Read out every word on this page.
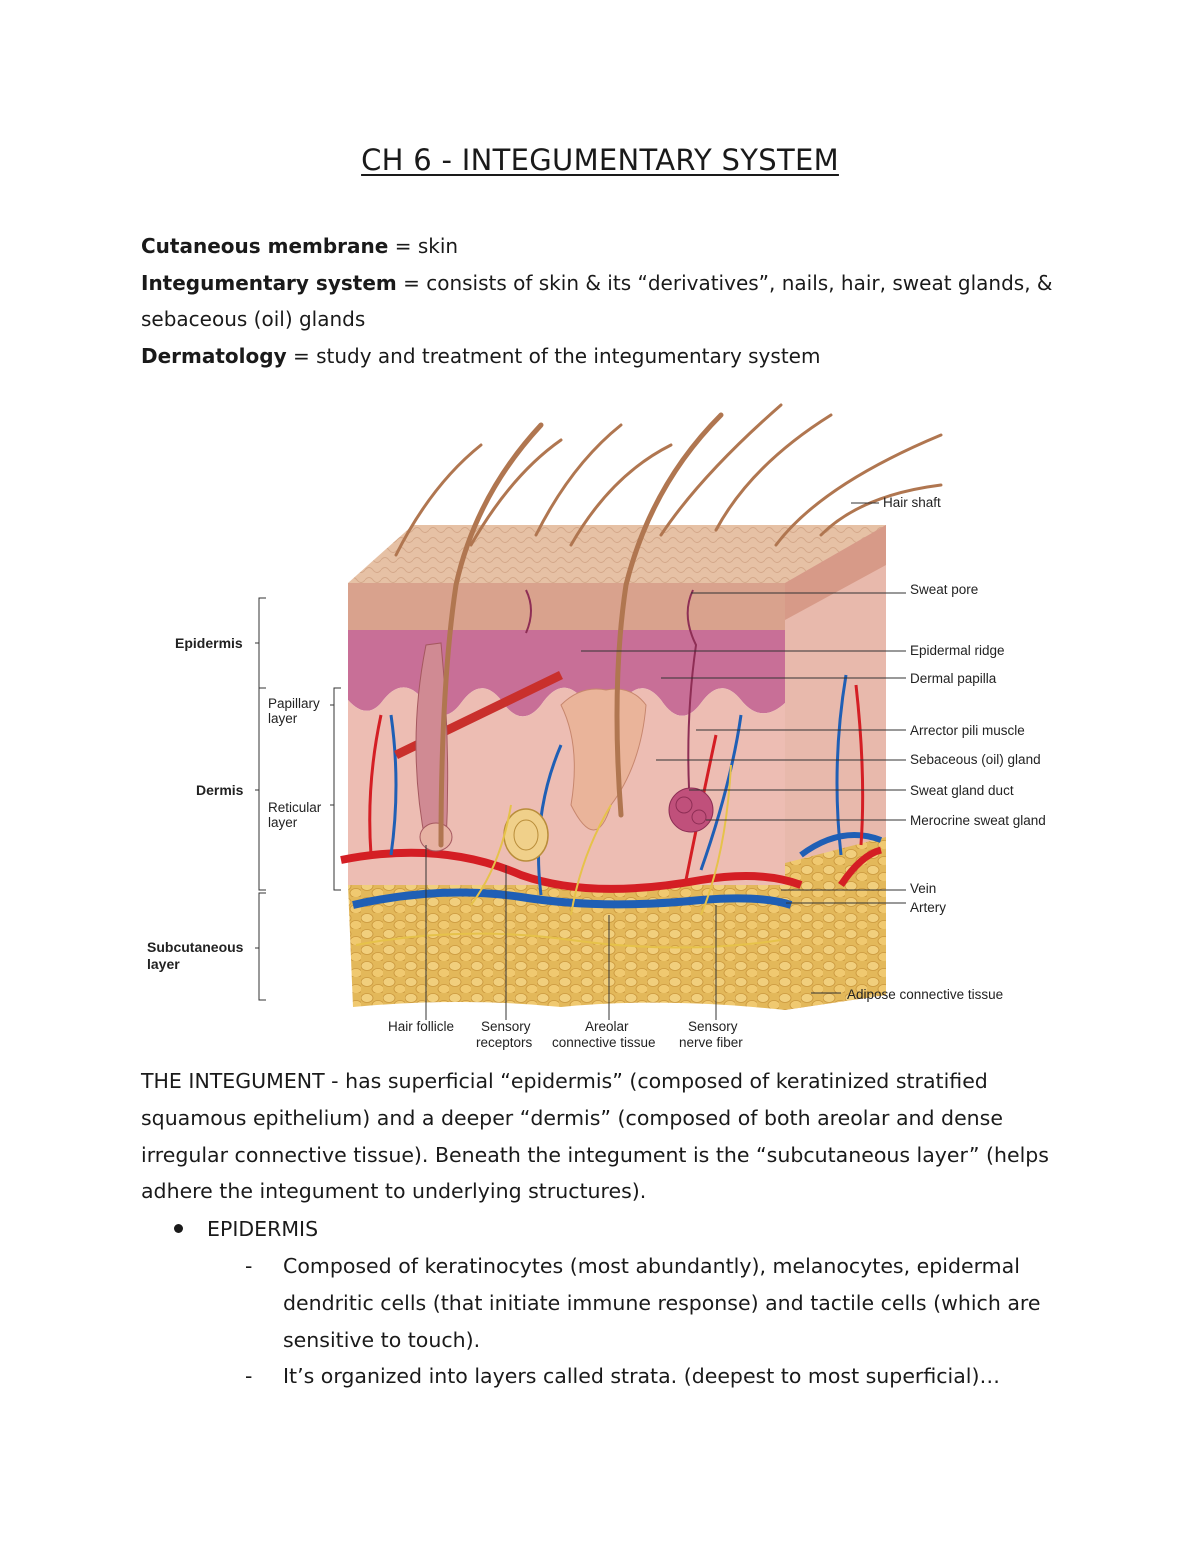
CH 6 - INTEGUMENTARY SYSTEM

Cutaneous membrane = skin

Integumentary system = consists of skin & its “derivatives”, nails, hair, sweat glands, & sebaceous (oil) glands

Dermatology = study and treatment of the integumentary system

Epidermis
Dermis
Subcutaneous
layer
Papillary
layer
Reticular
layer
Hair shaft
Sweat pore
Epidermal ridge
Dermal papilla
Arrector pili muscle
Sebaceous (oil) gland
Sweat gland duct
Merocrine sweat gland
Vein
Artery
Adipose connective tissue
Hair follicle Sensory
receptors
Areolar
connective tissue
Sensory
nerve fiber

THE INTEGUMENT - has superficial “epidermis” (composed of keratinized stratified squamous epithelium) and a deeper “dermis” (composed of both areolar and dense irregular connective tissue). Beneath the integument is the “subcutaneous layer” (helps adhere the integument to underlying structures).

EPIDERMIS
- Composed of keratinocytes (most abundantly), melanocytes, epidermal dendritic cells (that initiate immune response) and tactile cells (which are sensitive to touch).
- It’s organized into layers called strata. (deepest to most superficial)…
